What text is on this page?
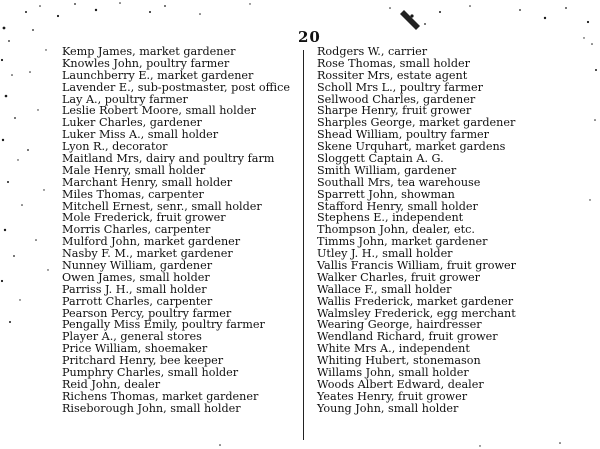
20
Kemp James, market gardener
Knowles John, poultry farmer
Launchberry E., market gardener
Lavender E., sub-postmaster, post office
Lay A., poultry farmer
Leslie Robert Moore, small holder
Luker Charles, gardener
Luker Miss A., small holder
Lyon R., decorator
Maitland Mrs, dairy and poultry farm
Male Henry, small holder
Marchant Henry, small holder
Miles Thomas, carpenter
Mitchell Ernest, senr., small holder
Mole Frederick, fruit grower
Morris Charles, carpenter
Mulford John, market gardener
Nasby F. M., market gardener
Nunney William, gardener
Owen James, small holder
Parriss J. H., small holder
Parrott Charles, carpenter
Pearson Percy, poultry farmer
Pengally Miss Emily, poultry farmer
Player A., general stores
Price William, shoemaker
Pritchard Henry, bee keeper
Pumphry Charles, small holder
Reid John, dealer
Richens Thomas, market gardener
Riseborough John, small holder
Rodgers W., carrier
Rose Thomas, small holder
Rossiter Mrs, estate agent
Scholl Mrs L., poultry farmer
Sellwood Charles, gardener
Sharpe Henry, fruit grower
Sharples George, market gardener
Shead William, poultry farmer
Skene Urquhart, market gardens
Sloggett Captain A. G.
Smith William, gardener
Southall Mrs, tea warehouse
Sparrett John, showman
Stafford Henry, small holder
Stephens E., independent
Thompson John, dealer, etc.
Timms John, market gardener
Utley J. H., small holder
Vallis Francis William, fruit grower
Walker Charles, fruit grower
Wallace F., small holder
Wallis Frederick, market gardener
Walmsley Frederick, egg merchant
Wearing George, hairdresser
Wendland Richard, fruit grower
White Mrs A., independent
Whiting Hubert, stonemason
Willams John, small holder
Woods Albert Edward, dealer
Yeates Henry, fruit grower
Young John, small holder
